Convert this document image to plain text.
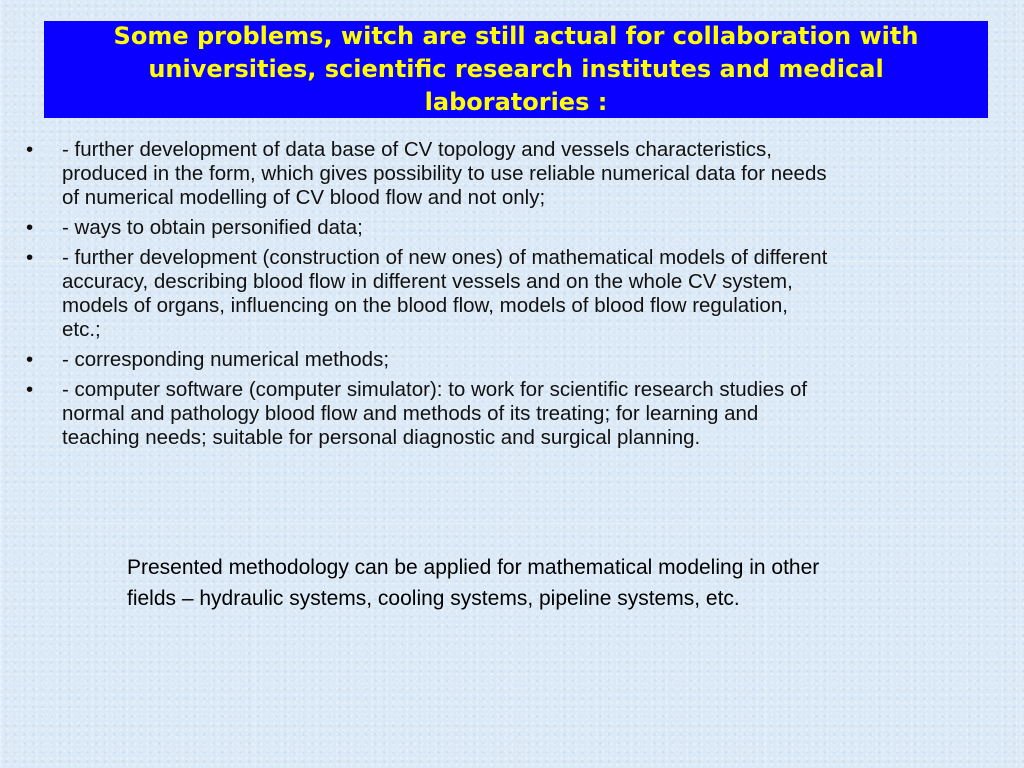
Some problems, witch are still actual for collaboration with universities, scientific research institutes and medical laboratories :
• - further development of data base of CV topology and vessels characteristics, produced in the form, which gives possibility to use reliable numerical data for needs of numerical modelling of CV blood flow and not only;
• - ways to obtain personified data;
• - further development (construction of new ones) of mathematical models of different accuracy, describing blood flow in different vessels and on the whole CV system, models of organs, influencing on the blood flow, models of blood flow regulation, etc.;
• - corresponding numerical methods;
• - computer software (computer simulator): to work for scientific research studies of normal and pathology blood flow and methods of its treating; for learning and teaching needs; suitable for personal diagnostic and surgical planning.

Presented methodology can be applied for mathematical modeling in other fields – hydraulic systems, cooling systems, pipeline systems, etc.
